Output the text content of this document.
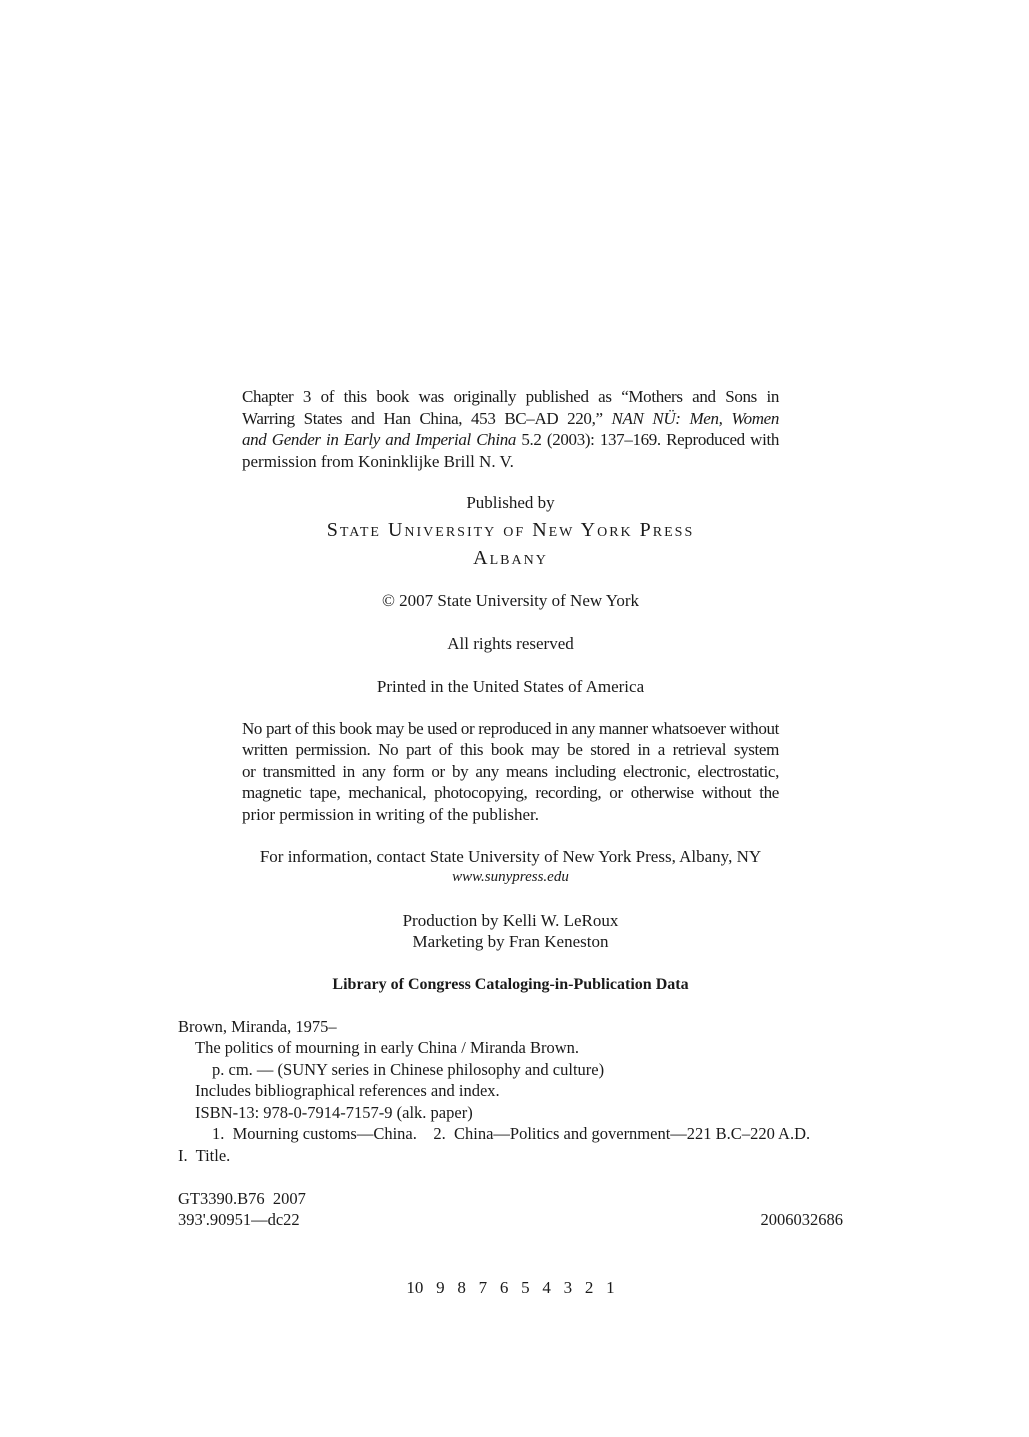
Chapter 3 of this book was originally published as “Mothers and Sons in
Warring States and Han China, 453 BC–AD 220,” NAN NÜ: Men, Women
and Gender in Early and Imperial China 5.2 (2003): 137–169. Reproduced with
permission from Koninklijke Brill N. V.
Published by
State University of New York Press
Albany
© 2007 State University of New York
All rights reserved
Printed in the United States of America
No part of this book may be used or reproduced in any manner whatsoever without
written permission. No part of this book may be stored in a retrieval system
or transmitted in any form or by any means including electronic, electrostatic,
magnetic tape, mechanical, photocopying, recording, or otherwise without the
prior permission in writing of the publisher.
For information, contact State University of New York Press, Albany, NY
www.sunypress.edu
Production by Kelli W. LeRoux
Marketing by Fran Keneston
Library of Congress Cataloging-in-Publication Data
Brown, Miranda, 1975–
The politics of mourning in early China / Miranda Brown.
p. cm. — (SUNY series in Chinese philosophy and culture)
Includes bibliographical references and index.
ISBN-13: 978-0-7914-7157-9 (alk. paper)
1.  Mourning customs—China.    2.  China—Politics and government—221 B.C–220 A.D.
I.  Title.
GT3390.B76  2007
393'.90951—dc22	2006032686
10   9   8   7   6   5   4   3   2   1
